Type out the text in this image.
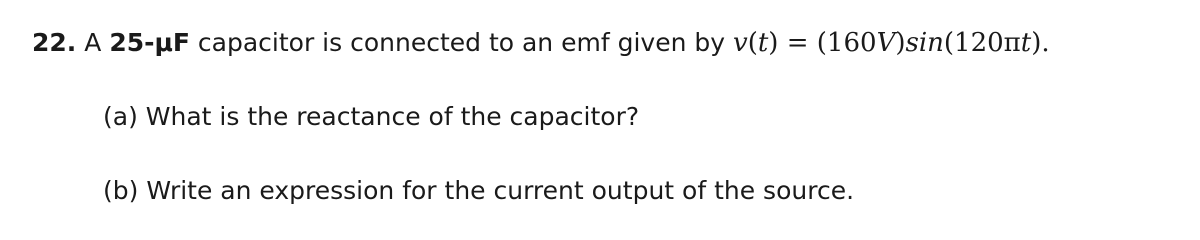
22. A 25-μF capacitor is connected to an emf given by v(t) = (160V)sin(120πt).
(a) What is the reactance of the capacitor?
(b) Write an expression for the current output of the source.
